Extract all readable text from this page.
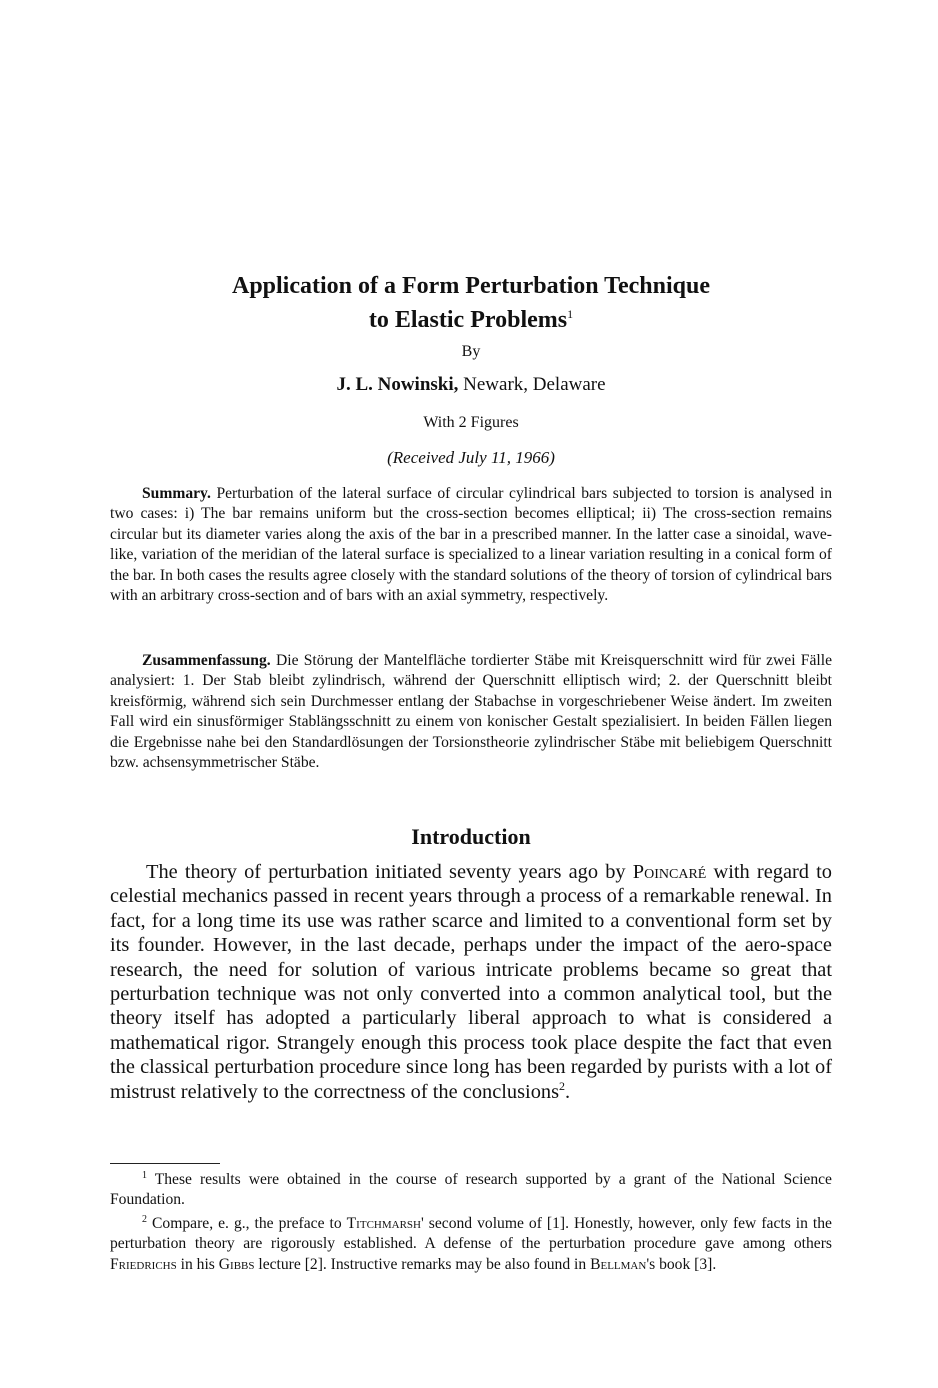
Application of a Form Perturbation Technique
to Elastic Problems$^1$
By
J. L. Nowinski, Newark, Delaware
With 2 Figures
(Received July 11, 1966)

Summary. Perturbation of the lateral surface of circular cylindrical bars subjected to torsion is analysed in two cases: i) The bar remains uniform but the cross-section becomes elliptical; ii) The cross-section remains circular but its diameter varies along the axis of the bar in a prescribed manner. In the latter case a sinoidal, wave-like, variation of the meridian of the lateral surface is specialized to a linear variation resulting in a conical form of the bar. In both cases the results agree closely with the standard solutions of the theory of torsion of cylindrical bars with an arbitrary cross-section and of bars with an axial symmetry, respectively.

Zusammenfassung. Die Störung der Mantelfläche tordierter Stäbe mit Kreisquerschnitt wird für zwei Fälle analysiert: 1. Der Stab bleibt zylindrisch, während der Querschnitt elliptisch wird; 2. der Querschnitt bleibt kreisförmig, während sich sein Durchmesser entlang der Stabachse in vorgeschriebener Weise ändert. Im zweiten Fall wird ein sinusförmiger Stablängsschnitt zu einem von konischer Gestalt spezialisiert. In beiden Fällen liegen die Ergebnisse nahe bei den Standardlösungen der Torsionstheorie zylindrischer Stäbe mit beliebigem Querschnitt bzw. achsensymmetrischer Stäbe.

Introduction

The theory of perturbation initiated seventy years ago by Poincaré with regard to celestial mechanics passed in recent years through a process of a remarkable renewal. In fact, for a long time its use was rather scarce and limited to a conventional form set by its founder. However, in the last decade, perhaps under the impact of the aero-space research, the need for solution of various intricate problems became so great that perturbation technique was not only converted into a common analytical tool, but the theory itself has adopted a particularly liberal approach to what is considered a mathematical rigor. Strangely enough this process took place despite the fact that even the classical perturbation procedure since long has been regarded by purists with a lot of mistrust relatively to the correctness of the conclusions$^2$.

$^1$ These results were obtained in the course of research supported by a grant of the National Science Foundation.

$^2$ Compare, e. g., the preface to Titchmarsh' second volume of [1]. Honestly, however, only few facts in the perturbation theory are rigorously established. A defense of the perturbation procedure gave among others Friedrichs in his Gibbs lecture [2]. Instructive remarks may be also found in Bellman's book [3].
